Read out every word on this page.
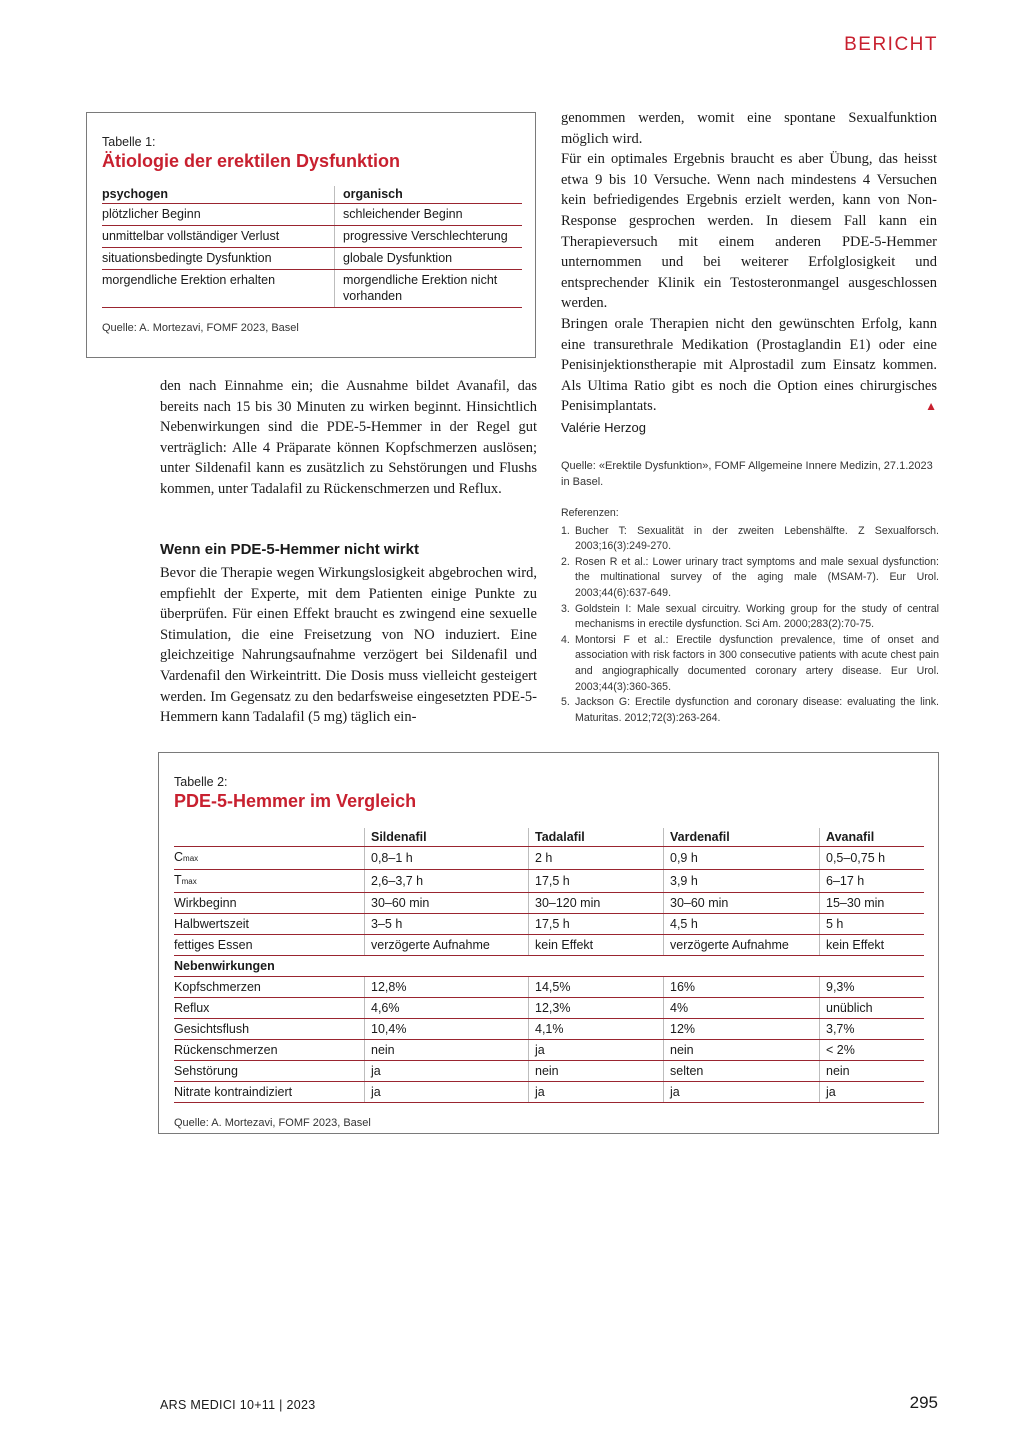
BERICHT
Tabelle 1:
Ätiologie der erektilen Dysfunktion
psychogen	organisch
plötzlicher Beginn	schleichender Beginn
unmittelbar vollständiger Verlust	progressive Verschlechterung
situationsbedingte Dysfunktion	globale Dysfunktion
morgendliche Erektion erhalten	morgendliche Erektion nicht vorhanden
Quelle: A. Mortezavi, FOMF 2023, Basel

den nach Einnahme ein; die Ausnahme bildet Avanafil, das bereits nach 15 bis 30 Minuten zu wirken beginnt. Hinsichtlich Nebenwirkungen sind die PDE-5-Hemmer in der Regel gut verträglich: Alle 4 Präparate können Kopfschmerzen auslösen; unter Sildenafil kann es zusätzlich zu Sehstörungen und Flushs kommen, unter Tadalafil zu Rückenschmerzen und Reflux.

Wenn ein PDE-5-Hemmer nicht wirkt

Bevor die Therapie wegen Wirkungslosigkeit abgebrochen wird, empfiehlt der Experte, mit dem Patienten einige Punkte zu überprüfen. Für einen Effekt braucht es zwingend eine sexuelle Stimulation, die eine Freisetzung von NO induziert. Eine gleichzeitige Nahrungsaufnahme verzögert bei Sildenafil und Vardenafil den Wirkeintritt. Die Dosis muss vielleicht gesteigert werden. Im Gegensatz zu den bedarfsweise eingesetzten PDE-5-Hemmern kann Tadalafil (5 mg) täglich ein-

genommen werden, womit eine spontane Sexualfunktion möglich wird.

Für ein optimales Ergebnis braucht es aber Übung, das heisst etwa 9 bis 10 Versuche. Wenn nach mindestens 4 Versuchen kein befriedigendes Ergebnis erzielt werden, kann von Non-Response gesprochen werden. In diesem Fall kann ein Therapieversuch mit einem anderen PDE-5-Hemmer unternommen und bei weiterer Erfolglosigkeit und entsprechender Klinik ein Testosteronmangel ausgeschlossen werden.

Bringen orale Therapien nicht den gewünschten Erfolg, kann eine transurethrale Medikation (Prostaglandin E1) oder eine Penisinjektionstherapie mit Alprostadil zum Einsatz kommen. Als Ultima Ratio gibt es noch die Option eines chirurgisches Penisimplantats.	▲

Valérie Herzog
Quelle: «Erektile Dysfunktion», FOMF Allgemeine Innere Medizin, 27.1.2023 in Basel.
Referenzen:
1. Bucher T: Sexualität in der zweiten Lebenshälfte. Z Sexualforsch. 2003;16(3):249-270.
2. Rosen R et al.: Lower urinary tract symptoms and male sexual dysfunction: the multinational survey of the aging male (MSAM-7). Eur Urol. 2003;44(6):637-649.
3. Goldstein I: Male sexual circuitry. Working group for the study of central mechanisms in erectile dysfunction. Sci Am. 2000;283(2):70-75.
4. Montorsi F et al.: Erectile dysfunction prevalence, time of onset and association with risk factors in 300 consecutive patients with acute chest pain and angiographically documented coronary artery disease. Eur Urol. 2003;44(3):360-365.
5. Jackson G: Erectile dysfunction and coronary disease: evaluating the link. Maturitas. 2012;72(3):263-264.
Tabelle 2:
PDE-5-Hemmer im Vergleich
	Sildenafil	Tadalafil	Vardenafil	Avanafil
Cmax	0,8–1 h	2 h	0,9 h	0,5–0,75 h
Tmax	2,6–3,7 h	17,5 h	3,9 h	6–17 h
Wirkbeginn	30–60 min	30–120 min	30–60 min	15–30 min
Halbwertszeit	3–5 h	17,5 h	4,5 h	5 h
fettiges Essen	verzögerte Aufnahme	kein Effekt	verzögerte Aufnahme	kein Effekt
Nebenwirkungen				
Kopfschmerzen	12,8%	14,5%	16%	9,3%
Reflux	4,6%	12,3%	4%	unüblich
Gesichtsflush	10,4%	4,1%	12%	3,7%
Rückenschmerzen	nein	ja	nein	< 2%
Sehstörung	ja	nein	selten	nein
Nitrate kontraindiziert	ja	ja	ja	ja
Quelle: A. Mortezavi, FOMF 2023, Basel
ARS MEDICI 10+11 | 2023	295
